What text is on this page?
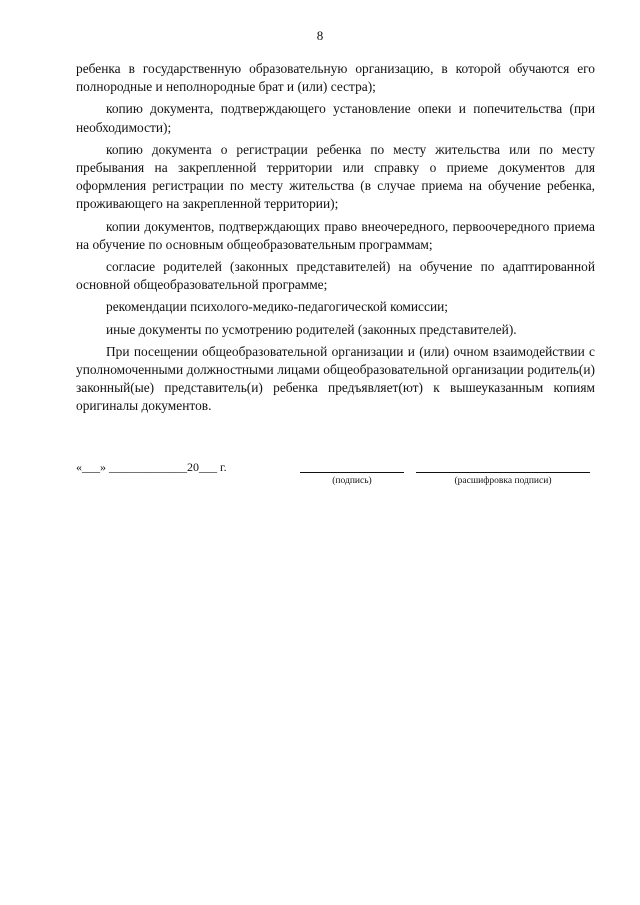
8

ребенка в государственную образовательную организацию, в которой обучаются его полнородные и неполнородные брат и (или) сестра);

копию документа, подтверждающего установление опеки и попечительства (при необходимости);

копию документа о регистрации ребенка по месту жительства или по месту пребывания на закрепленной территории или справку о приеме документов для оформления регистрации по месту жительства (в случае приема на обучение ребенка, проживающего на закрепленной территории);

копии документов, подтверждающих право внеочередного, первоочередного приема на обучение по основным общеобразовательным программам;

согласие родителей (законных представителей) на обучение по адаптированной основной общеобразовательной программе;

рекомендации психолого-медико-педагогической комиссии;

иные документы по усмотрению родителей (законных представителей).

При посещении общеобразовательной организации и (или) очном взаимодействии с уполномоченными должностными лицами общеобразовательной организации родитель(и) законный(ые) представитель(и) ребенка предъявляет(ют) к вышеуказанным копиям оригиналы документов.

«___» _____________20___ г.
(подпись)	(расшифровка подписи)
